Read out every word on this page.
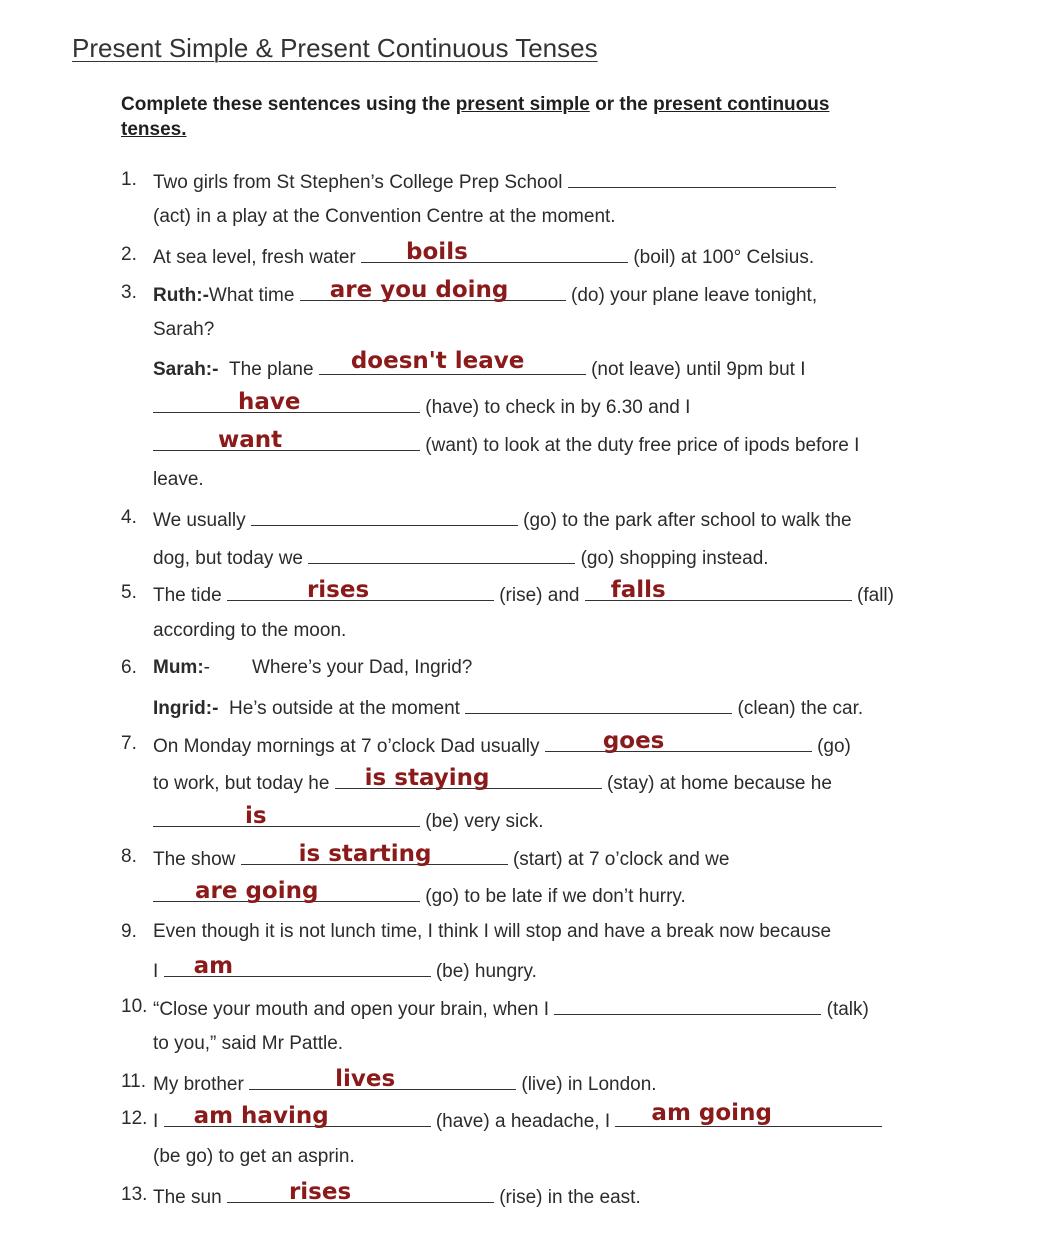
Present Simple & Present Continuous Tenses
Complete these sentences using the present simple or the present continuous
tenses.
1. Two girls from St Stephen’s College Prep School
(act) in a play at the Convention Centre at the moment.
2. At sea level, fresh water boils	(boil) at 100° Celsius.
3. Ruth:-What time are you doing	(do) your plane leave tonight,
Sarah?
Sarah:- The plane doesn't leave	(not leave) until 9pm but I
have	(have) to check in by 6.30 and I
want	(want) to look at the duty free price of ipods before I
leave.
4. We usually	(go) to the park after school to walk the
dog, but today we	(go) shopping instead.
5. The tide	rises	(rise) and falls	(fall)
according to the moon.
6. Mum:- Where’s your Dad, Ingrid?
Ingrid:- He’s outside at the moment	(clean) the car.
7. On Monday mornings at 7 o’clock Dad usually	goes	(go)
to work, but today he is staying	(stay) at home because he
is	(be) very sick.
8. The show	is starting	(start) at 7 o’clock and we
are going	(go) to be late if we don’t hurry.
9. Even though it is not lunch time, I think I will stop and have a break now because
I am	(be) hungry.
10. “Close your mouth and open your brain, when I	(talk)
to you,” said Mr Pattle.
11. My brother	lives	(live) in London.
12. I am having	(have) a headache, I am going
(be go) to get an asprin.
13. The sun	rises	(rise) in the east.
